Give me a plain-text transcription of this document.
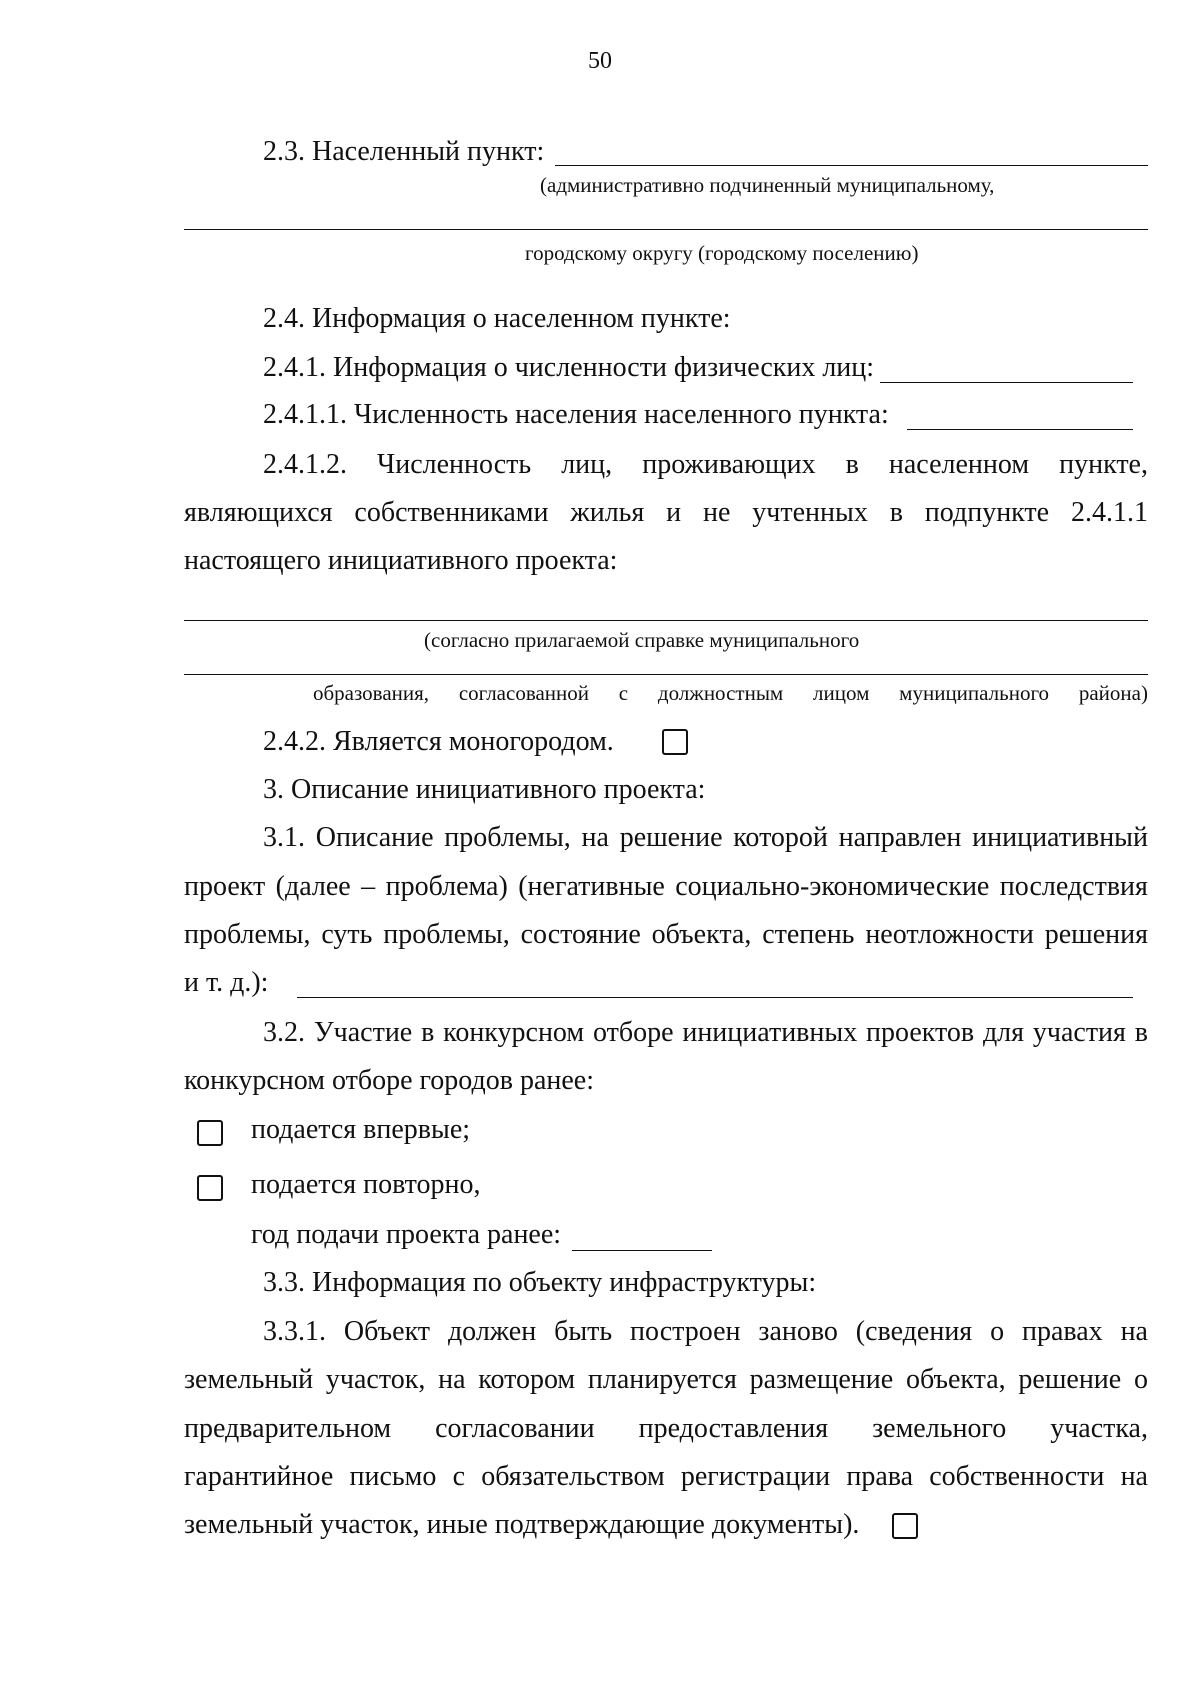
50
2.3. Населенный пункт:
(административно подчиненный муниципальному,
городскому округу (городскому поселению)
2.4. Информация о населенном пункте:
2.4.1. Информация о численности физических лиц:
2.4.1.1. Численность населения населенного пункта:
2.4.1.2. Численность лиц, проживающих в населенном пункте,
являющихся собственниками жилья и не учтенных в подпункте 2.4.1.1
настоящего инициативного проекта:
(согласно прилагаемой справке муниципального
образования, согласованной с должностным лицом муниципального района)
2.4.2. Является моногородом.
3. Описание инициативного проекта:
3.1. Описание проблемы, на решение которой направлен инициативный
проект (далее – проблема) (негативные социально-экономические последствия
проблемы, суть проблемы, состояние объекта, степень неотложности решения
и т. д.):
3.2. Участие в конкурсном отборе инициативных проектов для участия в
конкурсном отборе городов ранее:
подается впервые;
подается повторно,
год подачи проекта ранее:
3.3. Информация по объекту инфраструктуры:
3.3.1. Объект должен быть построен заново (сведения о правах на
земельный участок, на котором планируется размещение объекта, решение о
предварительном согласовании предоставления земельного участка,
гарантийное письмо с обязательством регистрации права собственности на
земельный участок, иные подтверждающие документы).
